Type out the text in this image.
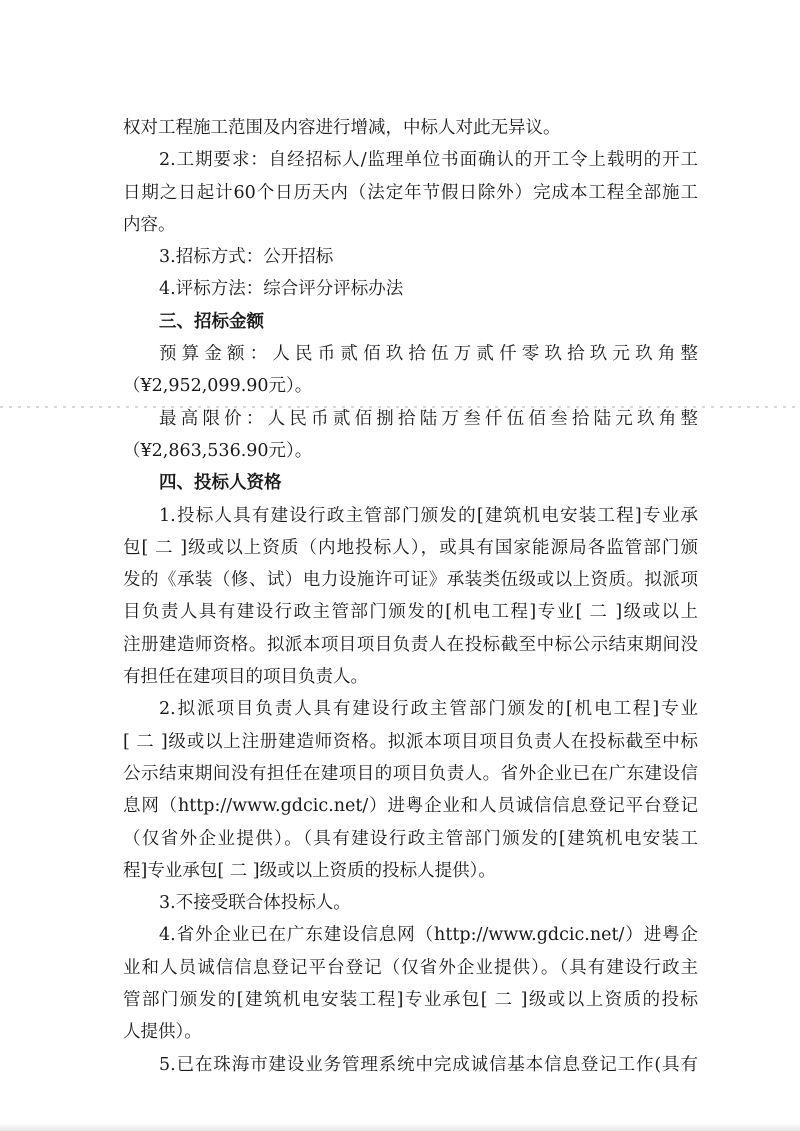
权对工程施工范围及内容进行增减，中标人对此无异议。
2.工期要求：自经招标人/监理单位书面确认的开工令上载明的开工
日期之日起计60个日历天内（法定年节假日除外）完成本工程全部施工
内容。
3.招标方式：公开招标
4.评标方法：综合评分评标办法
三、招标金额
预算金额：人民币贰佰玖拾伍万贰仟零玖拾玖元玖角整
（¥2,952,099.90元）。
最高限价：人民币贰佰捌拾陆万叁仟伍佰叁拾陆元玖角整
（¥2,863,536.90元）。
四、投标人资格
1.投标人具有建设行政主管部门颁发的[建筑机电安装工程]专业承
包[ 二 ]级或以上资质（内地投标人），或具有国家能源局各监管部门颁
发的《承装（修、试）电力设施许可证》承装类伍级或以上资质。拟派项
目负责人具有建设行政主管部门颁发的[机电工程]专业[ 二 ]级或以上
注册建造师资格。拟派本项目项目负责人在投标截至中标公示结束期间没
有担任在建项目的项目负责人。
2.拟派项目负责人具有建设行政主管部门颁发的[机电工程]专业
[ 二 ]级或以上注册建造师资格。拟派本项目项目负责人在投标截至中标
公示结束期间没有担任在建项目的项目负责人。省外企业已在广东建设信
息网（http://www.gdcic.net/）进粤企业和人员诚信信息登记平台登记
（仅省外企业提供）。（具有建设行政主管部门颁发的[建筑机电安装工
程]专业承包[ 二 ]级或以上资质的投标人提供）。
3.不接受联合体投标人。
4.省外企业已在广东建设信息网（http://www.gdcic.net/）进粤企
业和人员诚信信息登记平台登记（仅省外企业提供）。（具有建设行政主
管部门颁发的[建筑机电安装工程]专业承包[ 二 ]级或以上资质的投标
人提供）。
5.已在珠海市建设业务管理系统中完成诚信基本信息登记工作(具有
